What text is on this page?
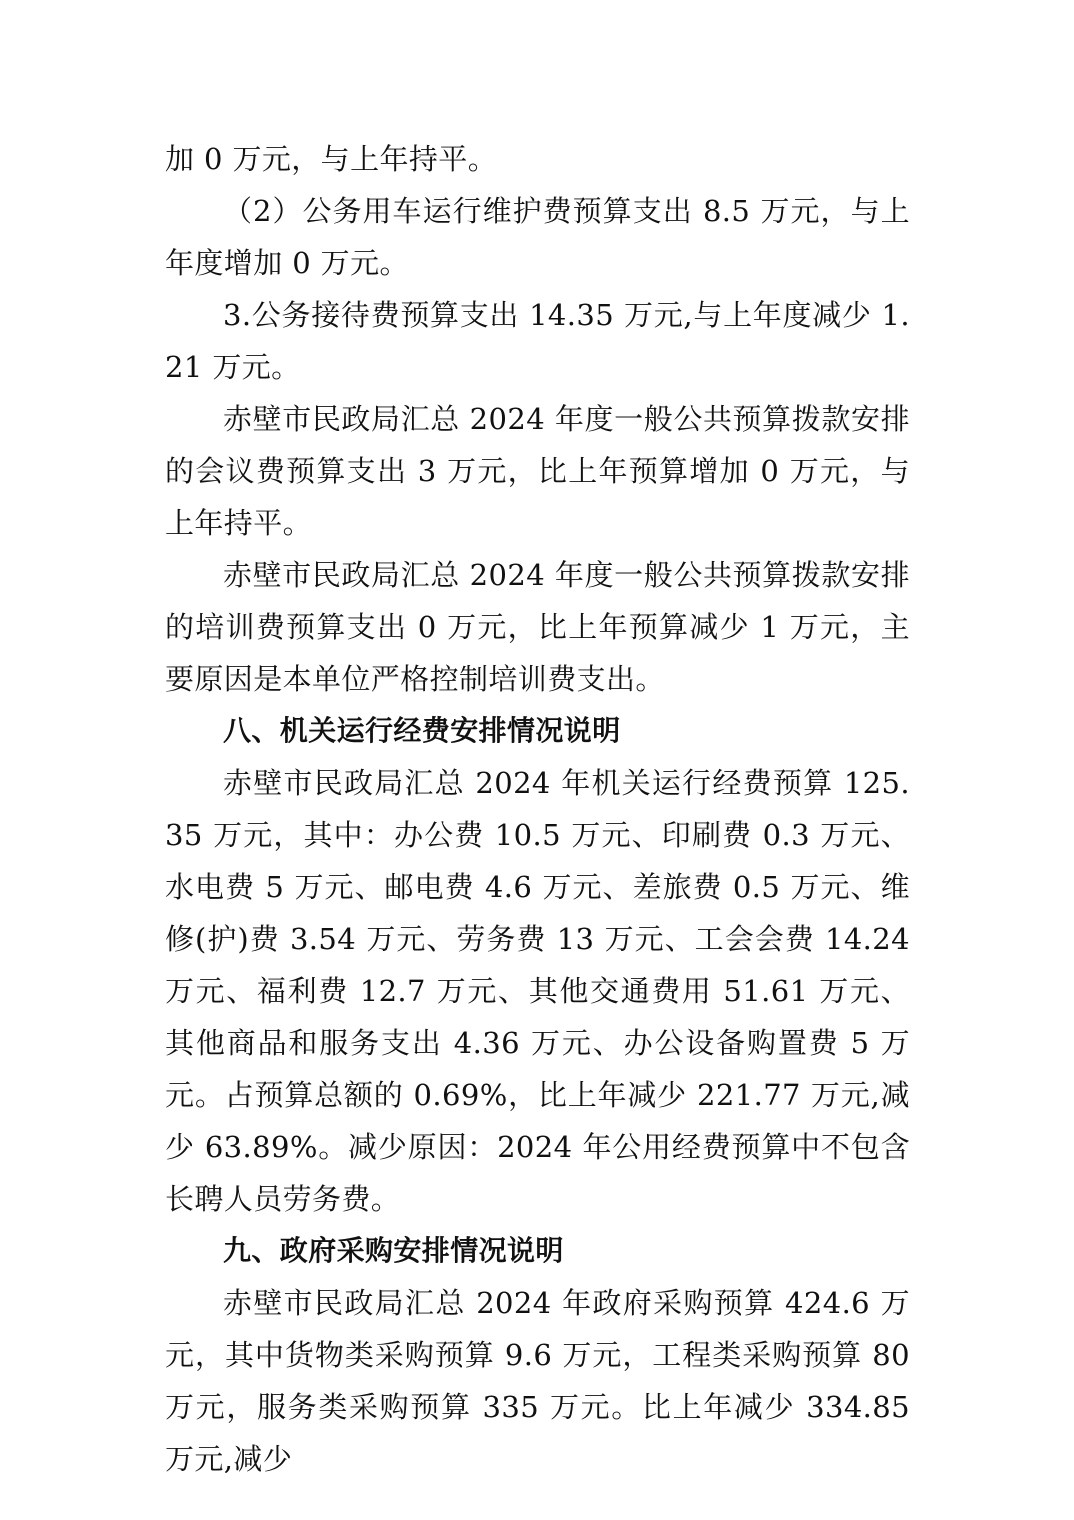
加 0 万元，与上年持平。

（2）公务用车运行维护费预算支出 8.5 万元，与上年度增加 0 万元。

3.公务接待费预算支出 14.35 万元,与上年度减少 1.21 万元。

赤壁市民政局汇总 2024 年度一般公共预算拨款安排的会议费预算支出 3 万元，比上年预算增加 0 万元，与上年持平。

赤壁市民政局汇总 2024 年度一般公共预算拨款安排的培训费预算支出 0 万元，比上年预算减少 1 万元，主要原因是本单位严格控制培训费支出。

八、机关运行经费安排情况说明

赤壁市民政局汇总 2024 年机关运行经费预算 125.35 万元，其中：办公费 10.5 万元、印刷费 0.3 万元、水电费 5 万元、邮电费 4.6 万元、差旅费 0.5 万元、维修(护)费 3.54 万元、劳务费 13 万元、工会会费 14.24 万元、福利费 12.7 万元、其他交通费用 51.61 万元、其他商品和服务支出 4.36 万元、办公设备购置费 5 万元。占预算总额的 0.69%，比上年减少 221.77 万元,减少 63.89%。减少原因：2024 年公用经费预算中不包含长聘人员劳务费。

九、政府采购安排情况说明

赤壁市民政局汇总 2024 年政府采购预算 424.6 万元，其中货物类采购预算 9.6 万元，工程类采购预算 80 万元，服务类采购预算 335 万元。比上年减少 334.85 万元,减少
